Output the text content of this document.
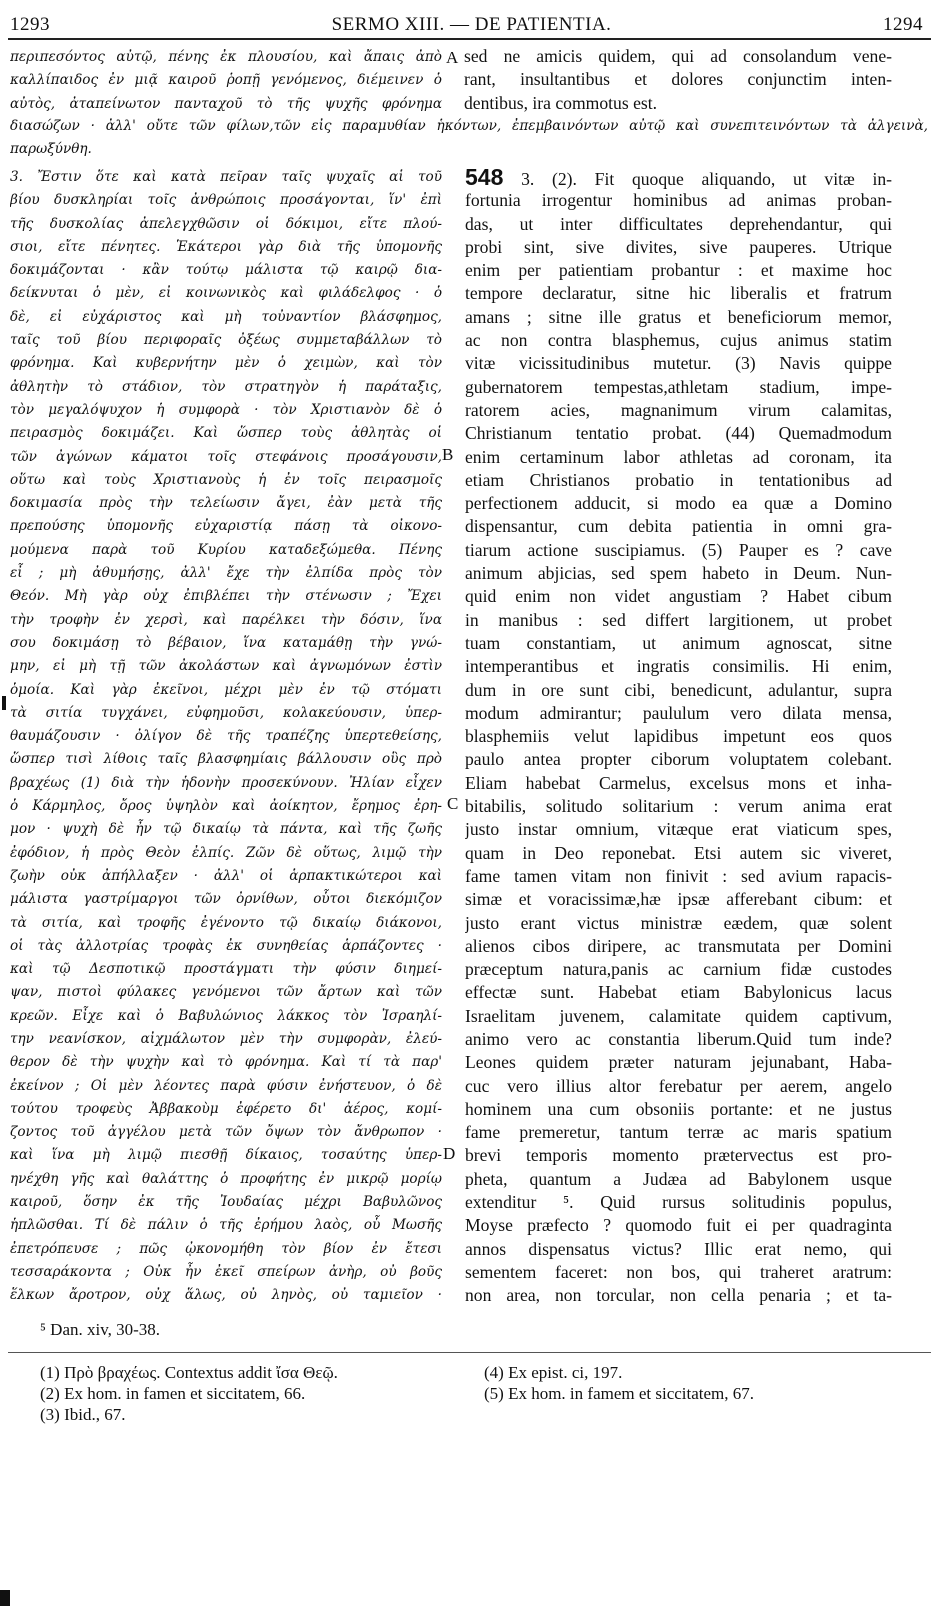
1293	SERMO XIII. — DE PATIENTIA.	1294
περιπεσόντος αὐτῷ, πένης ἐκ πλουσίου, καὶ ἄπαις ἀπὸ
καλλίπαιδος ἐν μιᾷ καιροῦ ῥοπῇ γενόμενος, διέμεινεν ὁ
αὐτὸς, ἀταπείνωτον πανταχοῦ τὸ τῆς ψυχῆς φρόνημα
A sed ne amicis quidem, qui ad consolandum vene-
rant, insultantibus et dolores conjunctim inten-
dentibus, ira commotus est.
διασώζων · ἀλλ' οὔτε τῶν φίλων,τῶν εἰς παραμυθίαν ἡκόντων, ἐπεμβαινόντων αὐτῷ καὶ συνεπιτεινόντων τὰ ἀλγεινὰ,
παρωξύνθη.
3. Ἔστιν ὅτε καὶ κατὰ πεῖραν ταῖς ψυχαῖς αἱ τοῦ
βίου δυσκληρίαι τοῖς ἀνθρώποις προσάγονται, ἵν' ἐπὶ
τῆς δυσκολίας ἀπελεγχθῶσιν οἱ δόκιμοι, εἴτε πλού-
σιοι, εἴτε πένητες. Ἑκάτεροι γὰρ διὰ τῆς ὑπομονῆς
δοκιμάζονται · κἂν τούτῳ μάλιστα τῷ καιρῷ δια-
δείκνυται ὁ μὲν, εἰ κοινωνικὸς καὶ φιλάδελφος · ὁ
δὲ, εἰ εὐχάριστος καὶ μὴ τοὐναντίον βλάσφημος,
ταῖς τοῦ βίου περιφοραῖς ὀξέως συμμεταβάλλων τὸ
φρόνημα. Καὶ κυβερνήτην μὲν ὁ χειμὼν, καὶ τὸν
ἀθλητὴν τὸ στάδιον, τὸν στρατηγὸν ἡ παράταξις,
τὸν μεγαλόψυχον ἡ συμφορὰ · τὸν Χριστιανὸν δὲ ὁ
πειρασμὸς δοκιμάζει. Καὶ ὥσπερ τοὺς ἀθλητὰς οἱ
τῶν ἀγώνων κάματοι τοῖς στεφάνοις προσάγουσιν,
οὕτω καὶ τοὺς Χριστιανοὺς ἡ ἐν τοῖς πειρασμοῖς
δοκιμασία πρὸς τὴν τελείωσιν ἄγει, ἐὰν μετὰ τῆς
πρεπούσης ὑπομονῆς εὐχαριστίᾳ πάσῃ τὰ οἰκονο-
μούμενα παρὰ τοῦ Κυρίου καταδεξώμεθα. Πένης
εἶ ; μὴ ἀθυμήσῃς, ἀλλ' ἔχε τὴν ἐλπίδα πρὸς τὸν
Θεόν. Μὴ γὰρ οὐχ ἐπιβλέπει τὴν στένωσιν ; Ἔχει
τὴν τροφὴν ἐν χερσὶ, καὶ παρέλκει τὴν δόσιν, ἵνα
σου δοκιμάσῃ τὸ βέβαιον, ἵνα καταμάθῃ τὴν γνώ-
μην, εἰ μὴ τῇ τῶν ἀκολάστων καὶ ἀγνωμόνων ἐστὶν
ὁμοία. Καὶ γὰρ ἐκεῖνοι, μέχρι μὲν ἐν τῷ στόματι
τὰ σιτία τυγχάνει, εὐφημοῦσι, κολακεύουσιν, ὑπερ-
θαυμάζουσιν · ὀλίγον δὲ τῆς τραπέζης ὑπερτεθείσης,
ὥσπερ τισὶ λίθοις ταῖς βλασφημίαις βάλλουσιν οὓς πρὸ
βραχέως (1) διὰ τὴν ἡδονὴν προσεκύνουν. Ἠλίαν εἶχεν
ὁ Κάρμηλος, ὄρος ὑψηλὸν καὶ ἀοίκητον, ἔρημος ἐρη-
μον · ψυχὴ δὲ ἦν τῷ δικαίῳ τὰ πάντα, καὶ τῆς ζωῆς
ἐφόδιον, ἡ πρὸς Θεὸν ἐλπίς. Ζῶν δὲ οὕτως, λιμῷ τὴν
ζωὴν οὐκ ἀπήλλαξεν · ἀλλ' οἱ ἁρπακτικώτεροι καὶ
μάλιστα γαστρίμαργοι τῶν ὀρνίθων, οὗτοι διεκόμιζον
τὰ σιτία, καὶ τροφῆς ἐγένοντο τῷ δικαίῳ διάκονοι,
οἱ τὰς ἀλλοτρίας τροφὰς ἐκ συνηθείας ἁρπάζοντες ·
καὶ τῷ Δεσποτικῷ προστάγματι τὴν φύσιν διημεί-
ψαν, πιστοὶ φύλακες γενόμενοι τῶν ἄρτων καὶ τῶν
κρεῶν. Εἶχε καὶ ὁ Βαβυλώνιος λάκκος τὸν Ἰσραηλί-
την νεανίσκον, αἰχμάλωτον μὲν τὴν συμφορὰν, ἐλεύ-
θερον δὲ τὴν ψυχὴν καὶ τὸ φρόνημα. Καὶ τί τὰ παρ'
ἐκείνον ; Οἱ μὲν λέοντες παρὰ φύσιν ἐνήστευον, ὁ δὲ
τούτου τροφεὺς Ἀββακοὺμ ἐφέρετο δι' ἀέρος, κομί-
ζοντος τοῦ ἀγγέλου μετὰ τῶν ὄψων τὸν ἄνθρωπον ·
καὶ ἵνα μὴ λιμῷ πιεσθῇ δίκαιος, τοσαύτης ὑπερ-
ηνέχθη γῆς καὶ θαλάττης ὁ προφήτης ἐν μικρῷ μορίῳ
καιροῦ, ὅσην ἐκ τῆς Ἰουδαίας μέχρι Βαβυλῶνος
ἡπλῶσθαι. Τί δὲ πάλιν ὁ τῆς ἐρήμου λαὸς, οὗ Μωσῆς
ἐπετρόπευσε ; πῶς ᾠκονομήθη τὸν βίον ἐν ἔτεσι
τεσσαράκοντα ; Οὐκ ἦν ἐκεῖ σπείρων ἀνὴρ, οὐ βοῦς
ἕλκων ἄροτρον, οὐχ ἅλως, οὐ ληνὸς, οὐ ταμιεῖον ·
B
C
D
548 3. (2). Fit quoque aliquando, ut vitæ in-
fortunia irrogentur hominibus ad animas proban-
das, ut inter difficultates deprehendantur, qui
probi sint, sive divites, sive pauperes. Utrique
enim per patientiam probantur : et maxime hoc
tempore declaratur, sitne hic liberalis et fratrum
amans ; sitne ille gratus et beneficiorum memor,
ac non contra blasphemus, cujus animus statim
vitæ vicissitudinibus mutetur. (3) Navis quippe
gubernatorem tempestas,athletam stadium, impe-
ratorem acies, magnanimum virum calamitas,
Christianum tentatio probat. (44) Quemadmodum
enim certaminum labor athletas ad coronam, ita
etiam Christianos probatio in tentationibus ad
perfectionem adducit, si modo ea quæ a Domino
dispensantur, cum debita patientia in omni gra-
tiarum actione suscipiamus. (5) Pauper es ? cave
animum abjicias, sed spem habeto in Deum. Nun-
quid enim non videt angustiam ? Habet cibum
in manibus : sed differt largitionem, ut probet
tuam constantiam, ut animum agnoscat, sitne
intemperantibus et ingratis consimilis. Hi enim,
dum in ore sunt cibi, benedicunt, adulantur, supra
modum admirantur; paululum vero dilata mensa,
blasphemiis velut lapidibus impetunt eos quos
paulo antea propter ciborum voluptatem colebant.
Eliam habebat Carmelus, excelsus mons et inha-
bitabilis, solitudo solitarium : verum anima erat
justo instar omnium, vitæque erat viaticum spes,
quam in Deo reponebat. Etsi autem sic viveret,
fame tamen vitam non finivit : sed avium rapacis-
simæ et voracissimæ,hæ ipsæ afferebant cibum: et
justo erant victus ministræ eædem, quæ solent
alienos cibos diripere, ac transmutata per Domini
præceptum natura,panis ac carnium fidæ custodes
effectæ sunt. Habebat etiam Babylonicus lacus
Israelitam juvenem, calamitate quidem captivum,
animo vero ac constantia liberum.Quid tum inde?
Leones quidem præter naturam jejunabant, Haba-
cuc vero illius altor ferebatur per aerem, angelo
hominem una cum obsoniis portante: et ne justus
fame premeretur, tantum terræ ac maris spatium
brevi temporis momento prætervectus est pro-
pheta, quantum a Judæa ad Babylonem usque
extenditur ⁵. Quid rursus solitudinis populus,
Moyse præfecto ? quomodo fuit ei per quadraginta
annos dispensatus victus? Illic erat nemo, qui
sementem faceret: non bos, qui traheret aratrum:
non area, non torcular, non cella penaria ; et ta-
⁵ Dan. xiv, 30-38.
(1) Πρὸ βραχέως. Contextus addit ἴσα Θεῷ.
(2) Ex hom. in famen et siccitatem, 66.
(3) Ibid., 67.
(4) Ex epist. ci, 197.
(5) Ex hom. in famem et siccitatem, 67.
